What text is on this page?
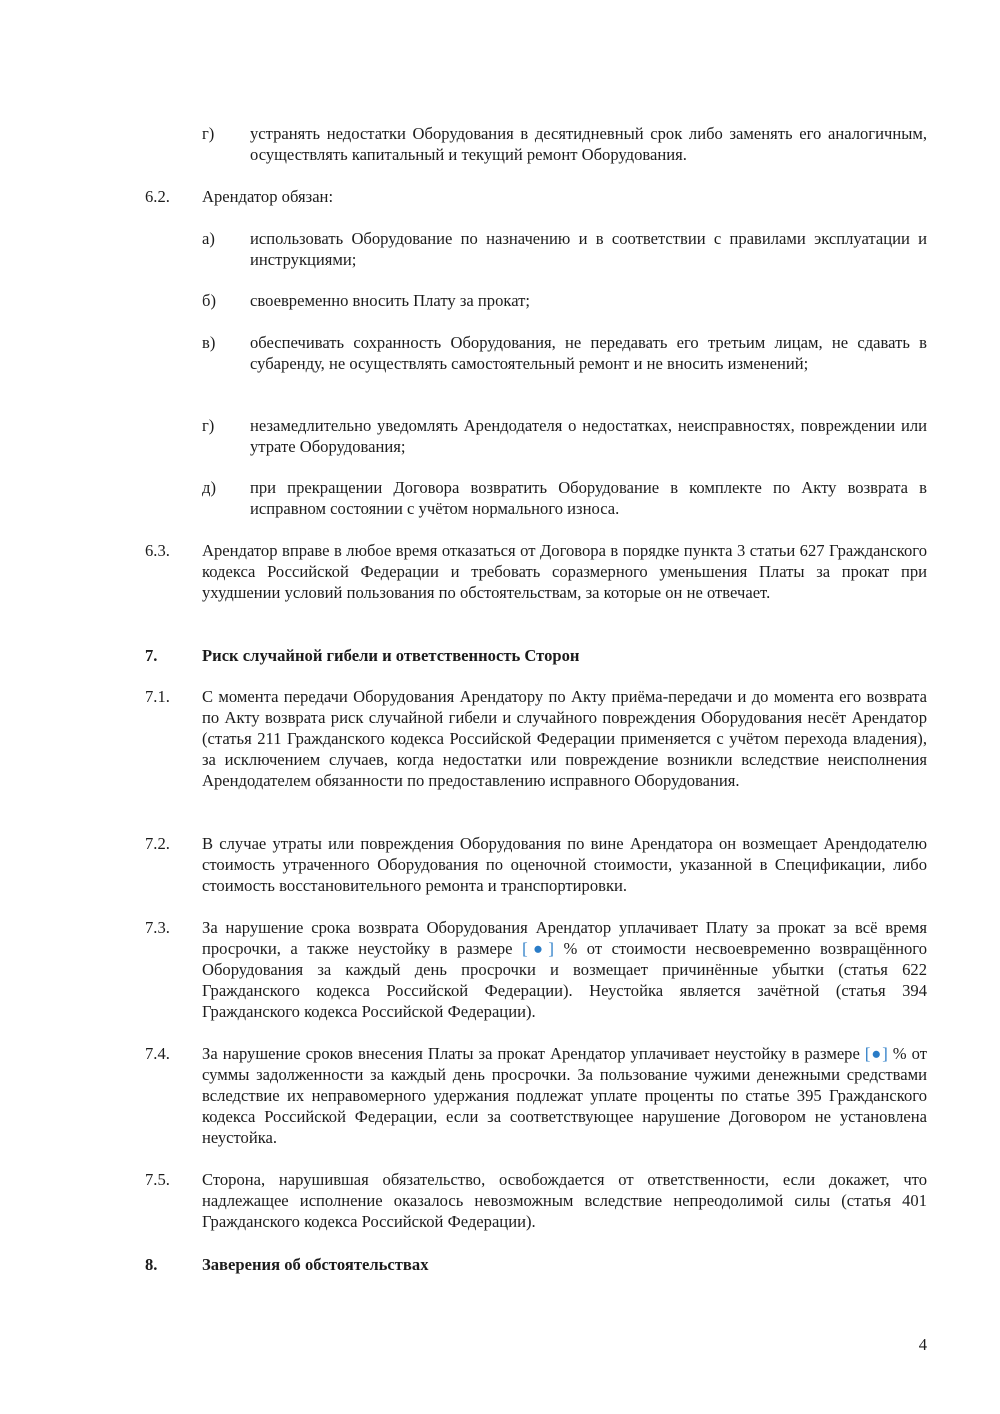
г)	устранять недостатки Оборудования в десятидневный срок либо заменять его аналогичным, осуществлять капитальный и текущий ремонт Оборудования.
6.2.	Арендатор обязан:
а)	использовать Оборудование по назначению и в соответствии с правилами эксплуатации и инструкциями;
б)	своевременно вносить Плату за прокат;
в)	обеспечивать сохранность Оборудования, не передавать его третьим лицам, не сдавать в субаренду, не осуществлять самостоятельный ремонт и не вносить изменений;
г)	незамедлительно уведомлять Арендодателя о недостатках, неисправностях, повреждении или утрате Оборудования;
д)	при прекращении Договора возвратить Оборудование в комплекте по Акту возврата в исправном состоянии с учётом нормального износа.
6.3.	Арендатор вправе в любое время отказаться от Договора в порядке пункта 3 статьи 627 Гражданского кодекса Российской Федерации и требовать соразмерного уменьшения Платы за прокат при ухудшении условий пользования по обстоятельствам, за которые он не отвечает.
7.	Риск случайной гибели и ответственность Сторон
7.1.	С момента передачи Оборудования Арендатору по Акту приёма-передачи и до момента его возврата по Акту возврата риск случайной гибели и случайного повреждения Оборудования несёт Арендатор (статья 211 Гражданского кодекса Российской Федерации применяется с учётом перехода владения), за исключением случаев, когда недостатки или повреждение возникли вследствие неисполнения Арендодателем обязанности по предоставлению исправного Оборудования.
7.2.	В случае утраты или повреждения Оборудования по вине Арендатора он возмещает Арендодателю стоимость утраченного Оборудования по оценочной стоимости, указанной в Спецификации, либо стоимость восстановительного ремонта и транспортировки.
7.3.	За нарушение срока возврата Оборудования Арендатор уплачивает Плату за прокат за всё время просрочки, а также неустойку в размере [●] % от стоимости несвоевременно возвращённого Оборудования за каждый день просрочки и возмещает причинённые убытки (статья 622 Гражданского кодекса Российской Федерации). Неустойка является зачётной (статья 394 Гражданского кодекса Российской Федерации).
7.4.	За нарушение сроков внесения Платы за прокат Арендатор уплачивает неустойку в размере [●] % от суммы задолженности за каждый день просрочки. За пользование чужими денежными средствами вследствие их неправомерного удержания подлежат уплате проценты по статье 395 Гражданского кодекса Российской Федерации, если за соответствующее нарушение Договором не установлена неустойка.
7.5.	Сторона, нарушившая обязательство, освобождается от ответственности, если докажет, что надлежащее исполнение оказалось невозможным вследствие непреодолимой силы (статья 401 Гражданского кодекса Российской Федерации).
8.	Заверения об обстоятельствах
4
